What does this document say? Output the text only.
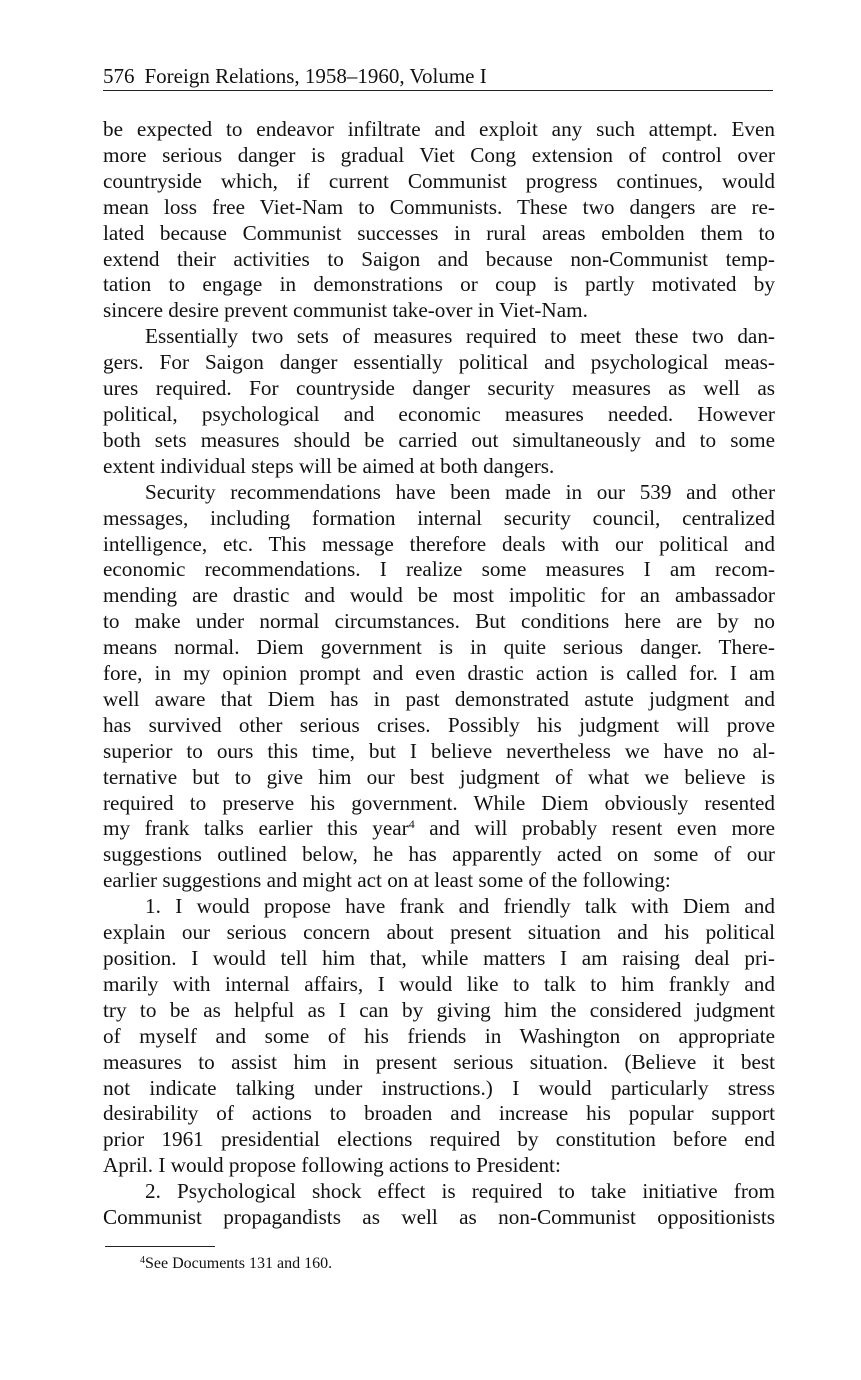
576 Foreign Relations, 1958–1960, Volume I
be expected to endeavor infiltrate and exploit any such attempt. Even
more serious danger is gradual Viet Cong extension of control over
countryside which, if current Communist progress continues, would
mean loss free Viet-Nam to Communists. These two dangers are re-
lated because Communist successes in rural areas embolden them to
extend their activities to Saigon and because non-Communist temp-
tation to engage in demonstrations or coup is partly motivated by
sincere desire prevent communist take-over in Viet-Nam.
Essentially two sets of measures required to meet these two dan-
gers. For Saigon danger essentially political and psychological meas-
ures required. For countryside danger security measures as well as
political, psychological and economic measures needed. However
both sets measures should be carried out simultaneously and to some
extent individual steps will be aimed at both dangers.
Security recommendations have been made in our 539 and other
messages, including formation internal security council, centralized
intelligence, etc. This message therefore deals with our political and
economic recommendations. I realize some measures I am recom-
mending are drastic and would be most impolitic for an ambassador
to make under normal circumstances. But conditions here are by no
means normal. Diem government is in quite serious danger. There-
fore, in my opinion prompt and even drastic action is called for. I am
well aware that Diem has in past demonstrated astute judgment and
has survived other serious crises. Possibly his judgment will prove
superior to ours this time, but I believe nevertheless we have no al-
ternative but to give him our best judgment of what we believe is
required to preserve his government. While Diem obviously resented
my frank talks earlier this year$^4$ and will probably resent even more
suggestions outlined below, he has apparently acted on some of our
earlier suggestions and might act on at least some of the following:
1. I would propose have frank and friendly talk with Diem and
explain our serious concern about present situation and his political
position. I would tell him that, while matters I am raising deal pri-
marily with internal affairs, I would like to talk to him frankly and
try to be as helpful as I can by giving him the considered judgment
of myself and some of his friends in Washington on appropriate
measures to assist him in present serious situation. (Believe it best
not indicate talking under instructions.) I would particularly stress
desirability of actions to broaden and increase his popular support
prior 1961 presidential elections required by constitution before end
April. I would propose following actions to President:
2. Psychological shock effect is required to take initiative from
Communist propagandists as well as non-Communist oppositionists
$^4$See Documents 131 and 160.
